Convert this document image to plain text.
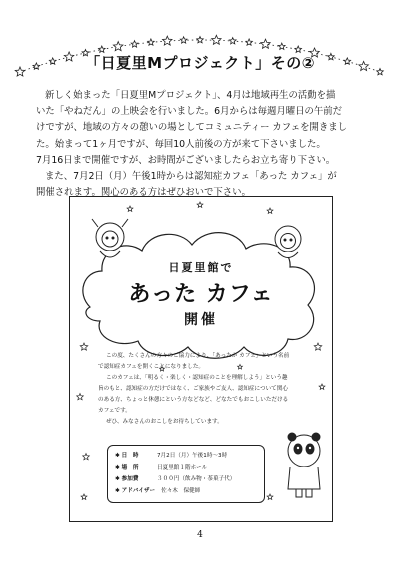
「日夏里Mプロジェクト」その②

新しく始まった「日夏里Mプロジェクト」、4月は地域再生の活動を描

いた「やねだん」の上映会を行いました。6月からは毎週月曜日の午前だ

けですが、地域の方々の憩いの場としてコミュニティー カフェを開きまし

た。始まって1ヶ月ですが、毎回10人前後の方が来て下さいました。

7月16日まで開催ですが、お時間がございましたらお立ち寄り下さい。

また、7月2日（月）午後1時からは認知症カフェ「あった カフェ」が

開催されます。関心のある方はぜひおいで下さい。

日夏里館で
あった カフェ
開催

この度、たくさんの方々のご協力により、「あったか カフェ」という名前

で認知症カフェを開くことになりました。

このカフェは、「明るく・楽しく・認知症のことを理解しよう」という趣

旨のもと、認知症の方だけではなく、ご家族やご友人、認知症について関心

のある方、ちょっと休憩にという方などなど、どなたでもおこしいただける

カフェです。

ぜひ、みなさんのおこしをお待ちしています。

✱ 日　時	7月2日（月）午後1時～3時
✱ 場　所	日夏里館１階ホール
✱ 参加費	３００円（飲み物・茶菓子代）
✱ アドバイザー 佐々木　保健師
4
